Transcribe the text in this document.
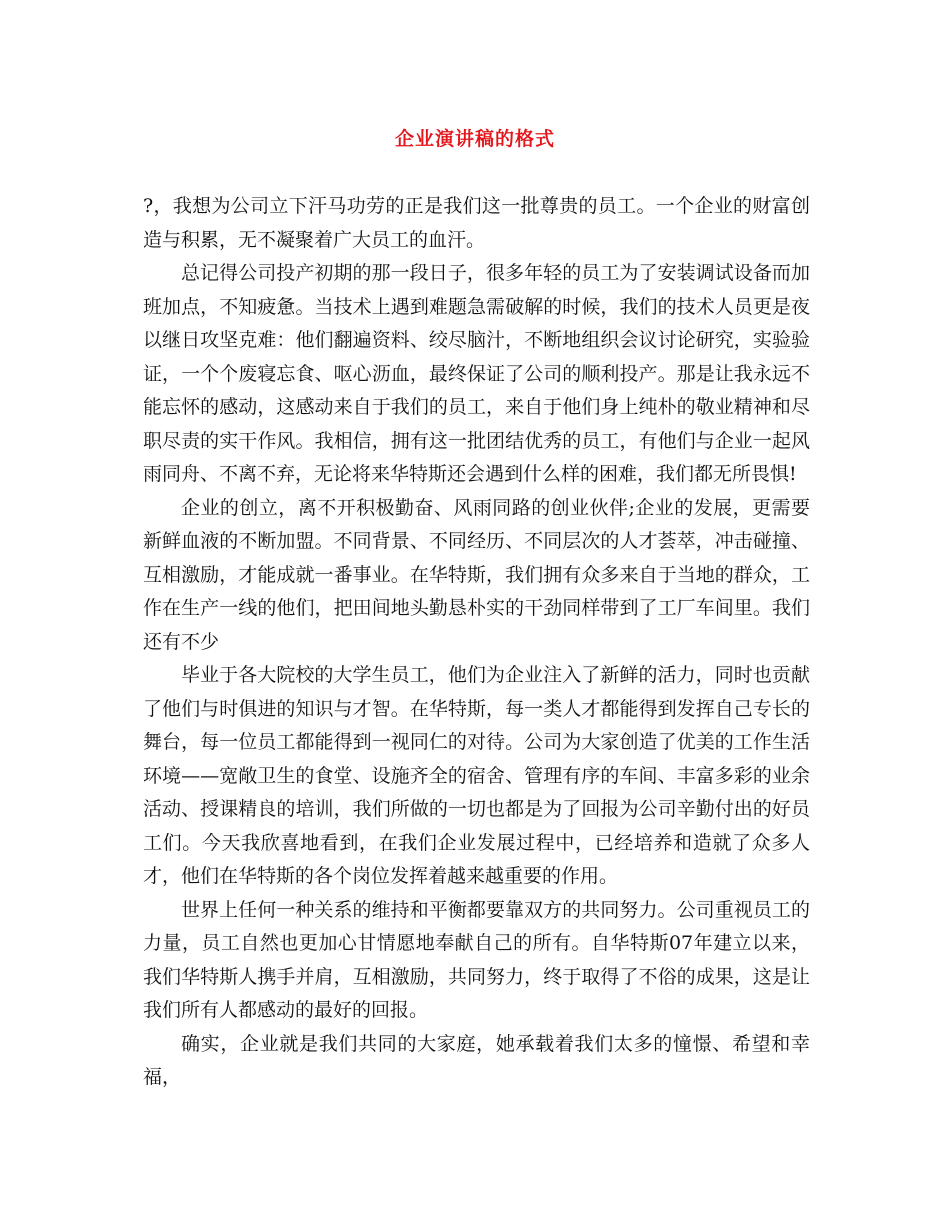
企业演讲稿的格式

?，我想为公司立下汗马功劳的正是我们这一批尊贵的员工。一个企业的财富创造与积累，无不凝聚着广大员工的血汗。

总记得公司投产初期的那一段日子，很多年轻的员工为了安装调试设备而加班加点，不知疲惫。当技术上遇到难题急需破解的时候，我们的技术人员更是夜以继日攻坚克难：他们翻遍资料、绞尽脑汁，不断地组织会议讨论研究，实验验证，一个个废寝忘食、呕心沥血，最终保证了公司的顺利投产。那是让我永远不能忘怀的感动，这感动来自于我们的员工，来自于他们身上纯朴的敬业精神和尽职尽责的实干作风。我相信，拥有这一批团结优秀的员工，有他们与企业一起风雨同舟、不离不弃，无论将来华特斯还会遇到什么样的困难，我们都无所畏惧!

企业的创立，离不开积极勤奋、风雨同路的创业伙伴;企业的发展，更需要新鲜血液的不断加盟。不同背景、不同经历、不同层次的人才荟萃，冲击碰撞、互相激励，才能成就一番事业。在华特斯，我们拥有众多来自于当地的群众，工作在生产一线的他们，把田间地头勤恳朴实的干劲同样带到了工厂车间里。我们还有不少

毕业于各大院校的大学生员工，他们为企业注入了新鲜的活力，同时也贡献了他们与时俱进的知识与才智。在华特斯，每一类人才都能得到发挥自己专长的舞台，每一位员工都能得到一视同仁的对待。公司为大家创造了优美的工作生活环境——宽敞卫生的食堂、设施齐全的宿舍、管理有序的车间、丰富多彩的业余活动、授课精良的培训，我们所做的一切也都是为了回报为公司辛勤付出的好员工们。今天我欣喜地看到，在我们企业发展过程中，已经培养和造就了众多人才，他们在华特斯的各个岗位发挥着越来越重要的作用。

世界上任何一种关系的维持和平衡都要靠双方的共同努力。公司重视员工的力量，员工自然也更加心甘情愿地奉献自己的所有。自华特斯07年建立以来，我们华特斯人携手并肩，互相激励，共同努力，终于取得了不俗的成果，这是让我们所有人都感动的最好的回报。

确实，企业就是我们共同的大家庭，她承载着我们太多的憧憬、希望和幸福，
